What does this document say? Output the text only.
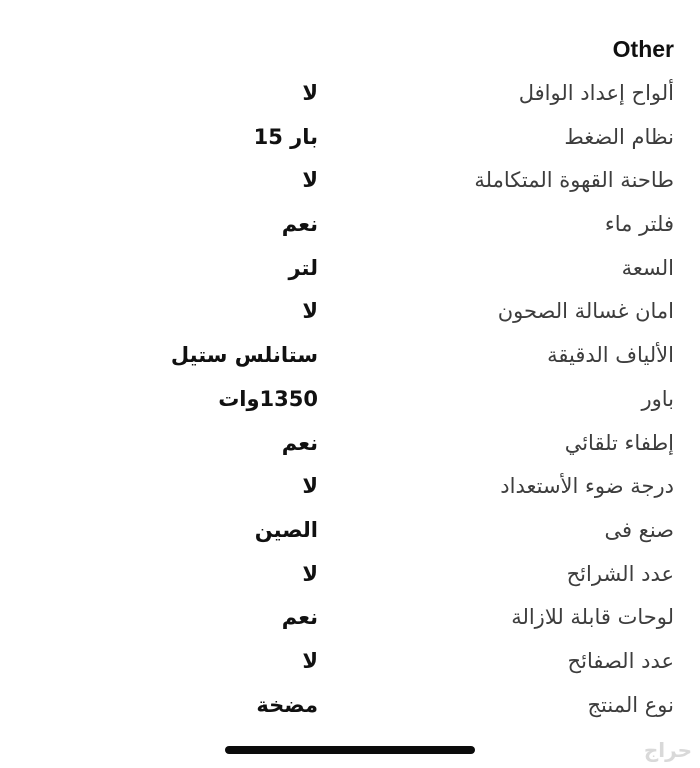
Other
ألواح إعداد الوافل
لا
نظام الضغط
بار 15
طاحنة القهوة المتكاملة
لا
فلتر ماء
نعم
السعة
لتر
امان غسالة الصحون
لا
الألياف الدقيقة
ستانلس ستيل
باور
1350وات
إطفاء تلقائي
نعم
درجة ضوء الأستعداد
لا
صنع فى
الصين
عدد الشرائح
لا
لوحات قابلة للازالة
نعم
عدد الصفائح
لا
نوع المنتج
مضخة
حراج
